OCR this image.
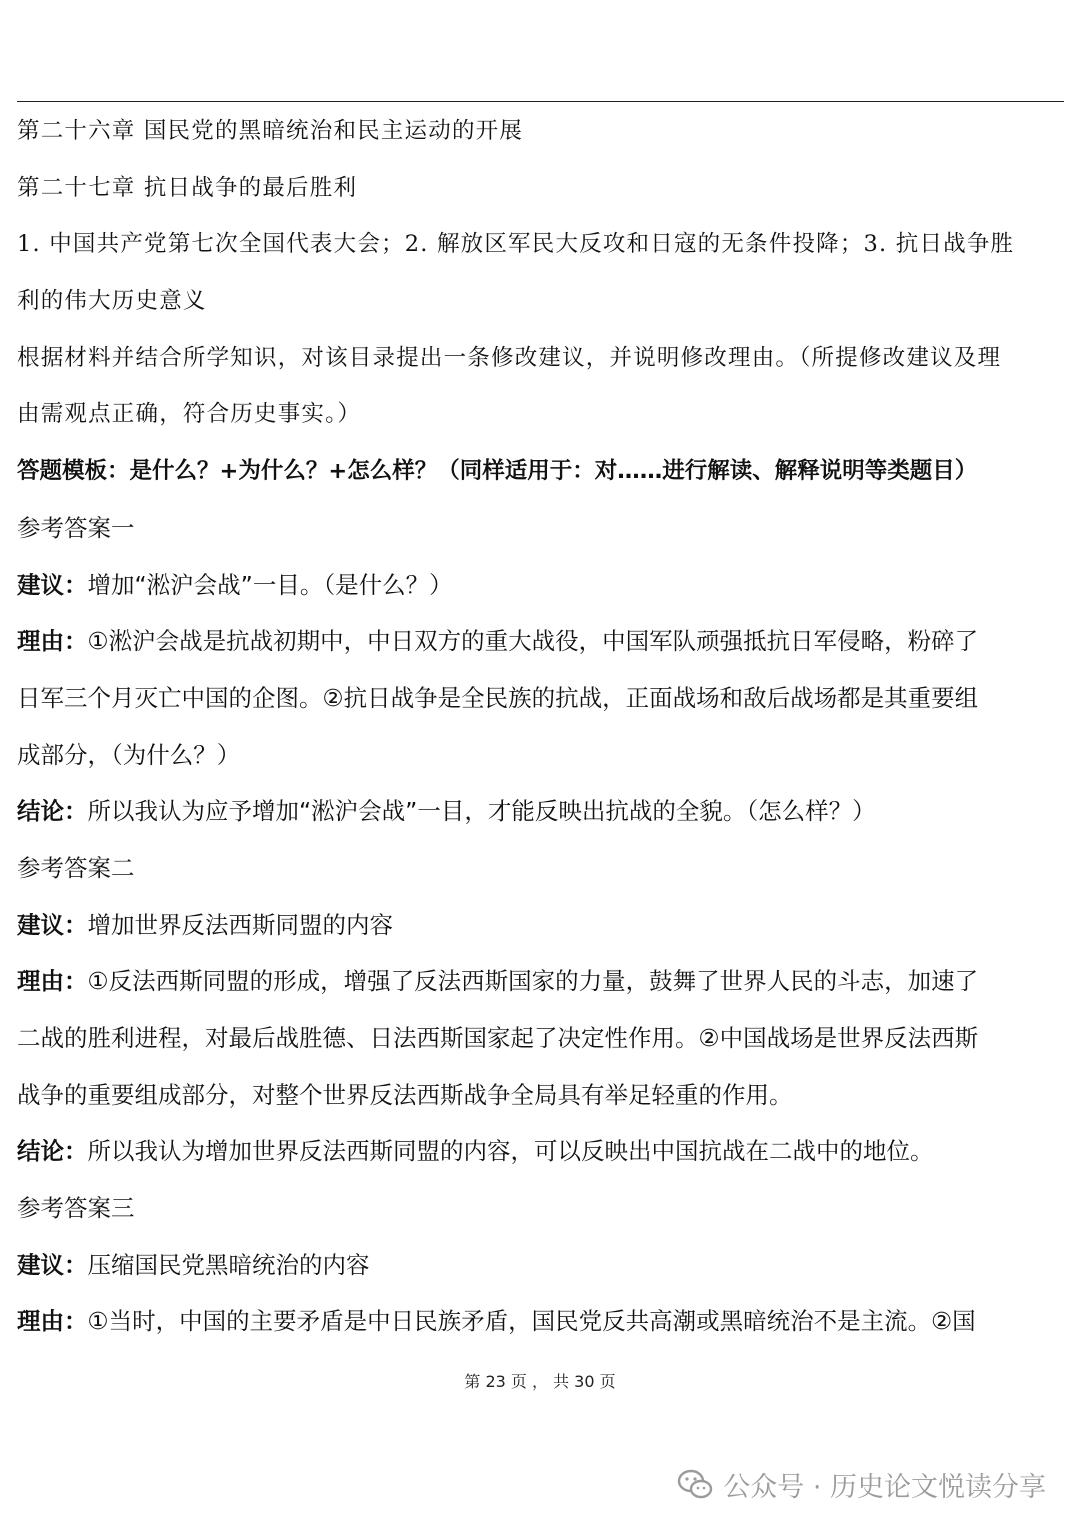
第二十六章 国民党的黑暗统治和民主运动的开展
第二十七章 抗日战争的最后胜利
1. 中国共产党第七次全国代表大会；2. 解放区军民大反攻和日寇的无条件投降；3. 抗日战争胜
利的伟大历史意义
根据材料并结合所学知识，对该目录提出一条修改建议，并说明修改理由。（所提修改建议及理
由需观点正确，符合历史事实。）
答题模板：是什么？+为什么？+怎么样？（同样适用于：对……进行解读、解释说明等类题目）
参考答案一
建议：增加“淞沪会战”一目。（是什么？）
理由：①淞沪会战是抗战初期中，中日双方的重大战役，中国军队顽强抵抗日军侵略，粉碎了
日军三个月灭亡中国的企图。②抗日战争是全民族的抗战，正面战场和敌后战场都是其重要组
成部分，（为什么？）
结论：所以我认为应予增加“淞沪会战”一目，才能反映出抗战的全貌。（怎么样？）
参考答案二
建议：增加世界反法西斯同盟的内容
理由：①反法西斯同盟的形成，增强了反法西斯国家的力量，鼓舞了世界人民的斗志，加速了
二战的胜利进程，对最后战胜德、日法西斯国家起了决定性作用。②中国战场是世界反法西斯
战争的重要组成部分，对整个世界反法西斯战争全局具有举足轻重的作用。
结论：所以我认为增加世界反法西斯同盟的内容，可以反映出中国抗战在二战中的地位。
参考答案三
建议：压缩国民党黑暗统治的内容
理由：①当时，中国的主要矛盾是中日民族矛盾，国民党反共高潮或黑暗统治不是主流。②国
第 23 页 ， 共 30 页
公众号 · 历史论文悦读分享
